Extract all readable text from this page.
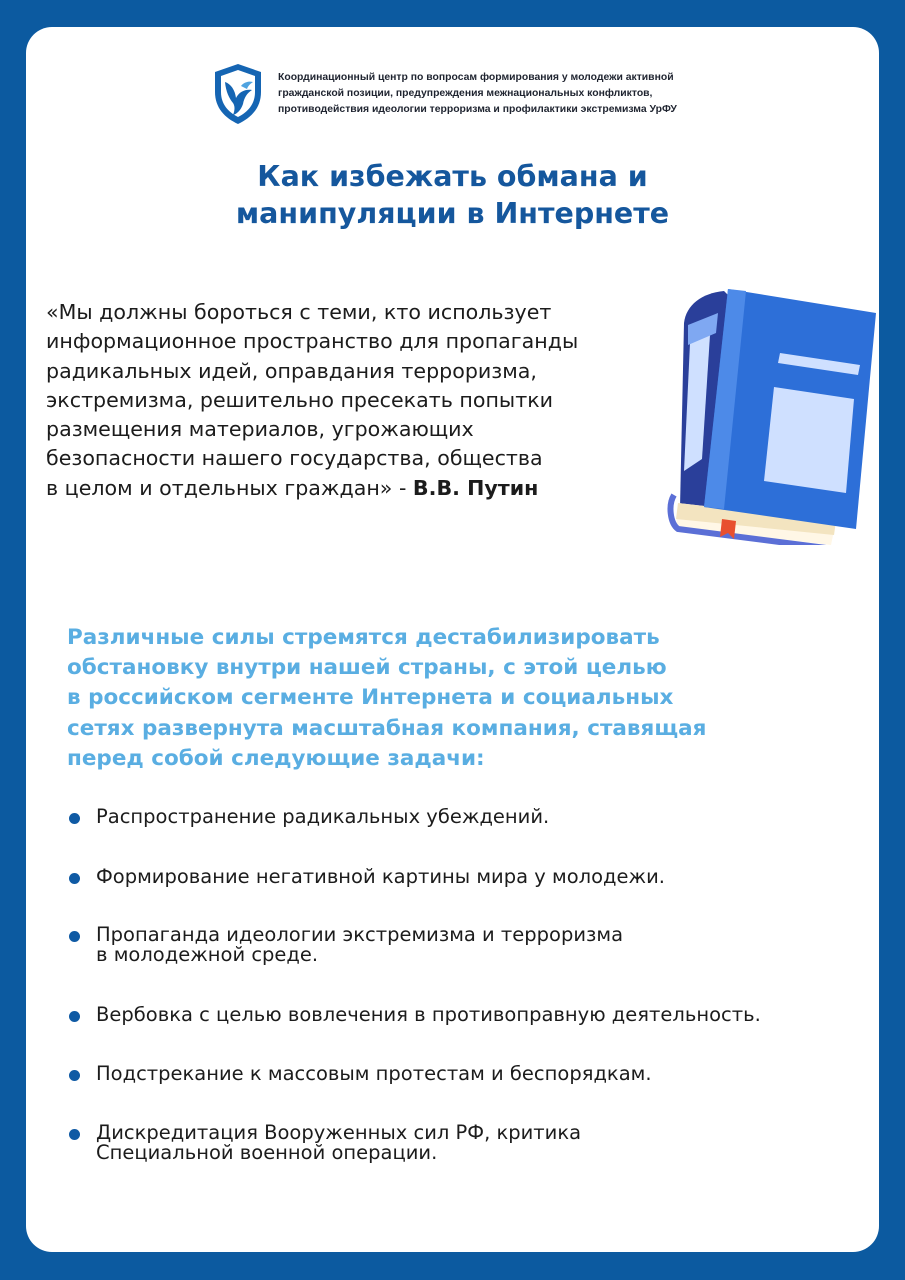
Координационный центр по вопросам формирования у молодежи активной
гражданской позиции, предупреждения межнациональных конфликтов,
противодействия идеологии терроризма и профилактики экстремизма УрФУ
Как избежать обмана и
манипуляции в Интернете
«Мы должны бороться с теми, кто использует
информационное пространство для пропаганды
радикальных идей, оправдания терроризма,
экстремизма, решительно пресекать попытки
размещения материалов, угрожающих
безопасности нашего государства, общества
в целом и отдельных граждан» - В.В. Путин
Различные силы стремятся дестабилизировать
обстановку внутри нашей страны, с этой целью
в российском сегменте Интернета и социальных
сетях развернута масштабная компания, ставящая
перед собой следующие задачи:
Распространение радикальных убеждений.
Формирование негативной картины мира у молодежи.
Пропаганда идеологии экстремизма и терроризма
в молодежной среде.
Вербовка с целью вовлечения в противоправную деятельность.
Подстрекание к массовым протестам и беспорядкам.
Дискредитация Вооруженных сил РФ, критика
Специальной военной операции.
